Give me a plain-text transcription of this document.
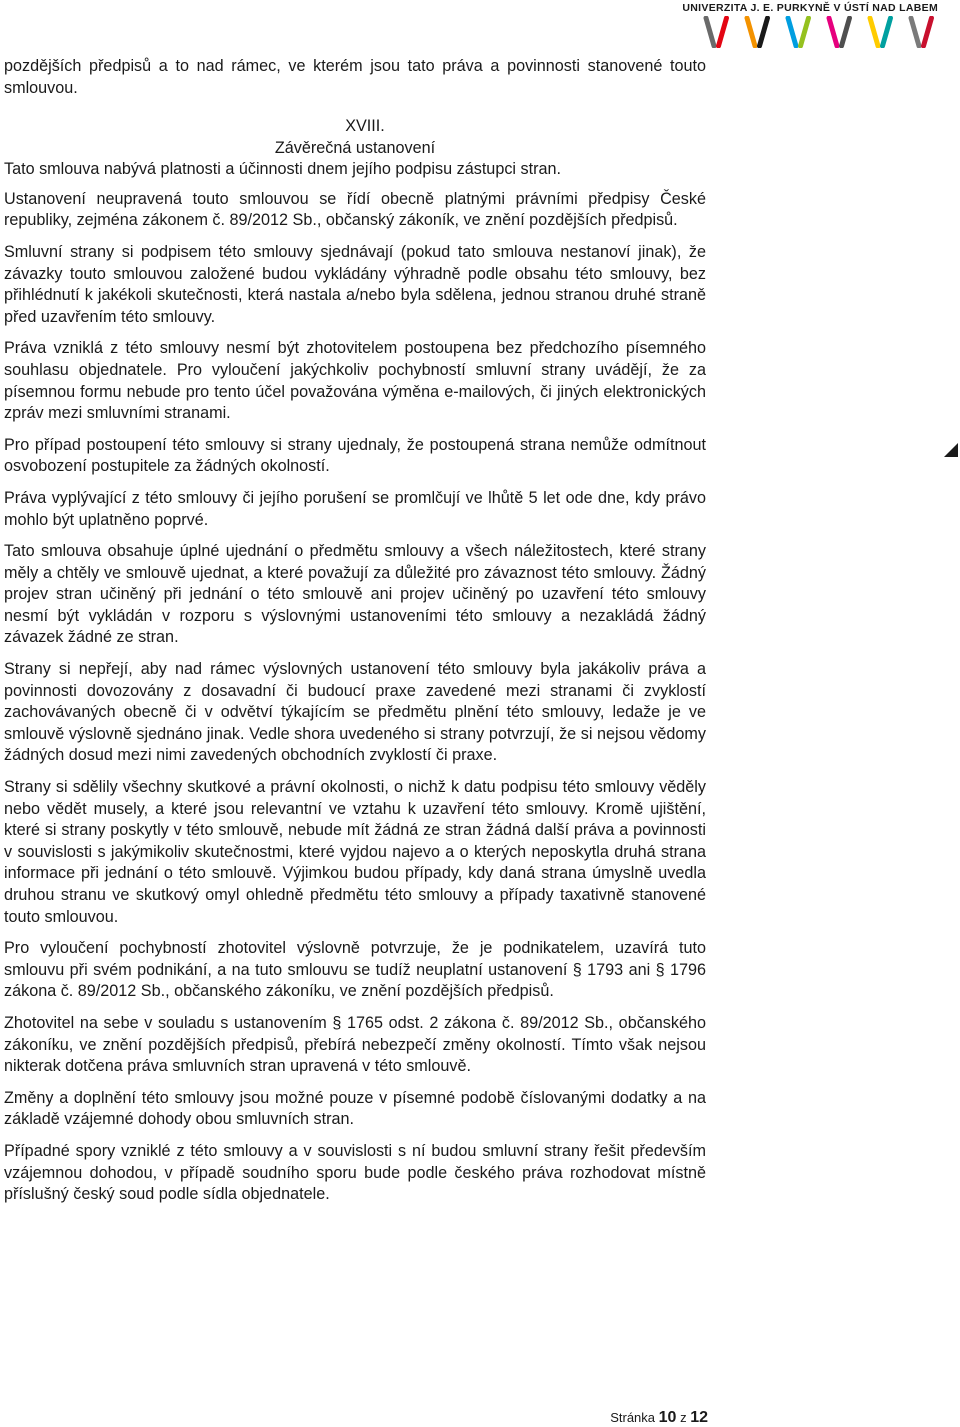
UNIVERZITA J. E. PURKYNĚ V ÚSTÍ NAD LABEM

pozdějších předpisů a to nad rámec, ve kterém jsou tato práva a povinnosti stanovené touto smlouvou.

XVIII.
Závěrečná ustanovení

Tato smlouva nabývá platnosti a účinnosti dnem jejího podpisu zástupci stran.

Ustanovení neupravená touto smlouvou se řídí obecně platnými právními předpisy České republiky, zejména zákonem č. 89/2012 Sb., občanský zákoník, ve znění pozdějších předpisů.

Smluvní strany si podpisem této smlouvy sjednávají (pokud tato smlouva nestanoví jinak), že závazky touto smlouvou založené budou vykládány výhradně podle obsahu této smlouvy, bez přihlédnutí k jakékoli skutečnosti, která nastala a/nebo byla sdělena, jednou stranou druhé straně před uzavřením této smlouvy.

Práva vzniklá z této smlouvy nesmí být zhotovitelem postoupena bez předchozího písemného souhlasu objednatele. Pro vyloučení jakýchkoliv pochybností smluvní strany uvádějí, že za písemnou formu nebude pro tento účel považována výměna e-mailových, či jiných elektronických zpráv mezi smluvními stranami.

Pro případ postoupení této smlouvy si strany ujednaly, že postoupená strana nemůže odmítnout osvobození postupitele za žádných okolností.

Práva vyplývající z této smlouvy či jejího porušení se promlčují ve lhůtě 5 let ode dne, kdy právo mohlo být uplatněno poprvé.

Tato smlouva obsahuje úplné ujednání o předmětu smlouvy a všech náležitostech, které strany měly a chtěly ve smlouvě ujednat, a které považují za důležité pro závaznost této smlouvy. Žádný projev stran učiněný při jednání o této smlouvě ani projev učiněný po uzavření této smlouvy nesmí být vykládán v rozporu s výslovnými ustanoveními této smlouvy a nezakládá žádný závazek žádné ze stran.

Strany si nepřejí, aby nad rámec výslovných ustanovení této smlouvy byla jakákoliv práva a povinnosti dovozovány z dosavadní či budoucí praxe zavedené mezi stranami či zvyklostí zachovávaných obecně či v odvětví týkajícím se předmětu plnění této smlouvy, ledaže je ve smlouvě výslovně sjednáno jinak. Vedle shora uvedeného si strany potvrzují, že si nejsou vědomy žádných dosud mezi nimi zavedených obchodních zvyklostí či praxe.

Strany si sdělily všechny skutkové a právní okolnosti, o nichž k datu podpisu této smlouvy věděly nebo vědět musely, a které jsou relevantní ve vztahu k uzavření této smlouvy. Kromě ujištění, které si strany poskytly v této smlouvě, nebude mít žádná ze stran žádná další práva a povinnosti v souvislosti s jakýmikoliv skutečnostmi, které vyjdou najevo a o kterých neposkytla druhá strana informace při jednání o této smlouvě. Výjimkou budou případy, kdy daná strana úmyslně uvedla druhou stranu ve skutkový omyl ohledně předmětu této smlouvy a případy taxativně stanovené touto smlouvou.

Pro vyloučení pochybností zhotovitel výslovně potvrzuje, že je podnikatelem, uzavírá tuto smlouvu při svém podnikání, a na tuto smlouvu se tudíž neuplatní ustanovení § 1793 ani § 1796 zákona č. 89/2012 Sb., občanského zákoníku, ve znění pozdějších předpisů.

Zhotovitel na sebe v souladu s ustanovením § 1765 odst. 2 zákona č. 89/2012 Sb., občanského zákoníku, ve znění pozdějších předpisů, přebírá nebezpečí změny okolností. Tímto však nejsou nikterak dotčena práva smluvních stran upravená v této smlouvě.

Změny a doplnění této smlouvy jsou možné pouze v písemné podobě číslovanými dodatky a na základě vzájemné dohody obou smluvních stran.

Případné spory vzniklé z této smlouvy a v souvislosti s ní budou smluvní strany řešit především vzájemnou dohodou, v případě soudního sporu bude podle českého práva rozhodovat místně příslušný český soud podle sídla objednatele.

Stránka 10 z 12
